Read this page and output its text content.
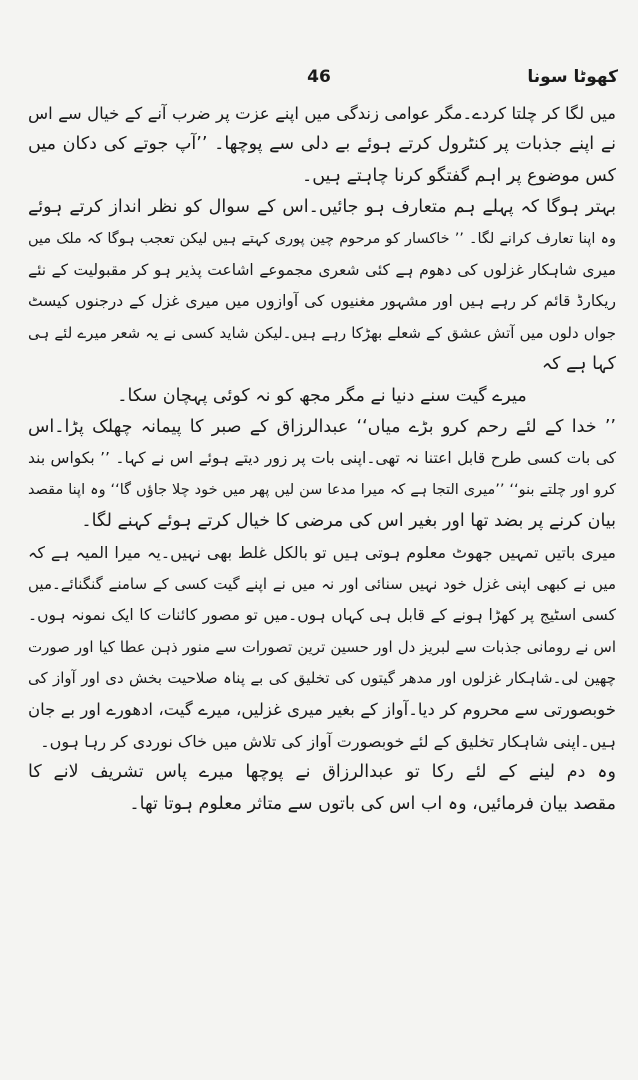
کھوٹا سونا
46
میں لگا کر چلتا کردے۔مگر عوامی زندگی میں اپنے عزت پر ضرب آنے کے خیال سے اس
نے اپنے جذبات پر کنٹرول کرتے ہوئے بے دلی سے پوچھا۔ ’’آپ جوتے کی دکان میں
کس موضوع پر اہم گفتگو کرنا چاہتے ہیں۔
بہتر ہوگا کہ پہلے ہم متعارف ہو جائیں۔اس کے سوال کو نظر انداز کرتے ہوئے
وہ اپنا تعارف کرانے لگا۔ ’’ خاکسار کو مرحوم چین پوری کہتے ہیں لیکن تعجب ہوگا کہ ملک میں
میری شاہکار غزلوں کی دھوم ہے کئی شعری مجموعے اشاعت پذیر ہو کر مقبولیت کے نئے
ریکارڈ قائم کر رہے ہیں اور مشہور مغنیوں کی آوازوں میں میری غزل کے درجنوں کیسٹ
جواں دلوں میں آتش عشق کے شعلے بھڑکا رہے ہیں۔لیکن شاید کسی نے یہ شعر میرے لئے ہی
کہا ہے کہ
میرے گیت سنے دنیا نے مگر مجھ کو نہ کوئی پہچان سکا۔
’’ خدا کے لئے رحم کرو بڑے میاں‘‘ عبدالرزاق کے صبر کا پیمانہ چھلک پڑا۔اس
کی بات کسی طرح قابل اعتنا نہ تھی۔اپنی بات پر زور دیتے ہوئے اس نے کہا۔ ’’ بکواس بند
کرو اور چلتے بنو‘‘ ’’میری التجا ہے کہ میرا مدعا سن لیں پھر میں خود چلا جاؤں گا‘‘ وہ اپنا مقصد
بیان کرنے پر بضد تھا اور بغیر اس کی مرضی کا خیال کرتے ہوئے کہنے لگا۔
میری باتیں تمہیں جھوٹ معلوم ہوتی ہیں تو بالکل غلط بھی نہیں۔یہ میرا المیہ ہے کہ
میں نے کبھی اپنی غزل خود نہیں سنائی اور نہ میں نے اپنے گیت کسی کے سامنے گنگنائے۔میں
کسی اسٹیج پر کھڑا ہونے کے قابل ہی کہاں ہوں۔میں تو مصور کائنات کا ایک نمونہ ہوں۔
اس نے رومانی جذبات سے لبریز دل اور حسین ترین تصورات سے منور ذہن عطا کیا اور صورت
چھین لی۔شاہکار غزلوں اور مدھر گیتوں کی تخلیق کی بے پناہ صلاحیت بخش دی اور آواز کی
خوبصورتی سے محروم کر دیا۔آواز کے بغیر میری غزلیں، میرے گیت، ادھورے اور بے جان
ہیں۔اپنی شاہکار تخلیق کے لئے خوبصورت آواز کی تلاش میں خاک نوردی کر رہا ہوں۔
وہ دم لینے کے لئے رکا تو عبدالرزاق نے پوچھا میرے پاس تشریف لانے کا
مقصد بیان فرمائیں، وہ اب اس کی باتوں سے متاثر معلوم ہوتا تھا۔
